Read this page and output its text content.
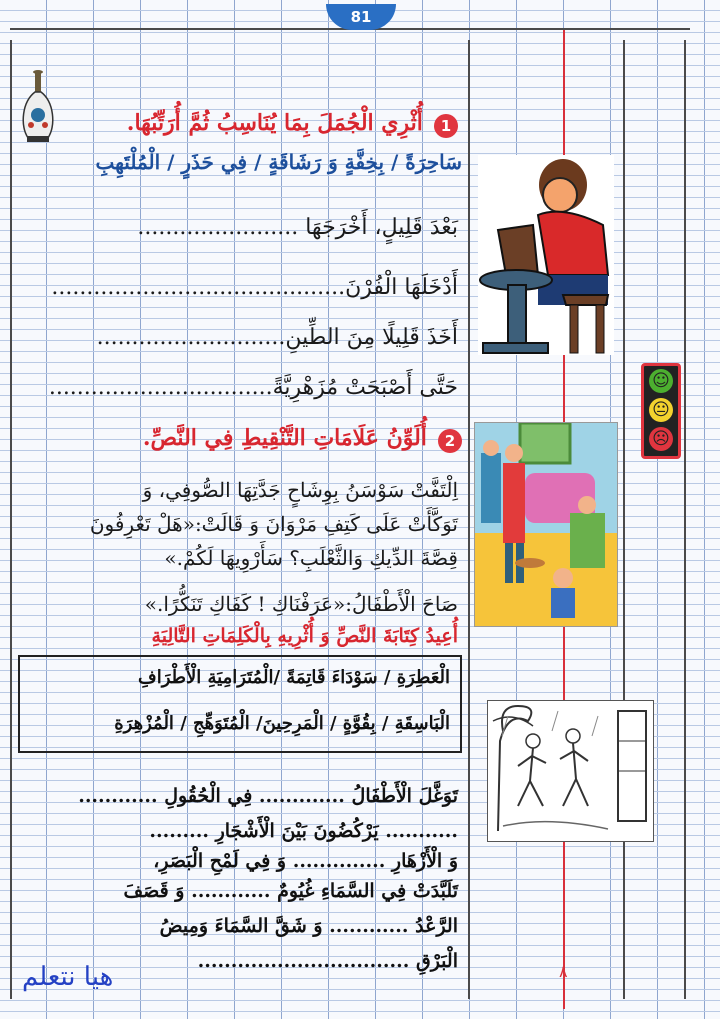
81
1 أُثْرِي الْجُمَلَ بِمَا يُنَاسِبُ ثُمَّ أُرَتِّبُهَا.
سَاحِرَةً / بِخِفَّةٍ وَ رَشَاقَةٍ / فِي حَذَرٍ / الْمُلْتَهِبِ
بَعْدَ قَلِيلٍ، أَخْرَجَهَا .......................
أَدْخَلَهَا الْفُرْنَ..........................................
أَخَذَ قَلِيلًا مِنَ الطِّينِ...........................
حَتَّى أَصْبَحَتْ مُزَهْرِيَّةً................................	☺
😐
☹
2 أُلَوِّنُ عَلَامَاتِ التَّنْقِيطِ فِي النَّصِّ.
اِلْتَفَّتْ سَوْسَنُ بِوِشَاحٍ جَدَّتِهَا الصُّوفِي، وَ
تَوَكَّأَتْ عَلَى كَتِفِ مَرْوَانَ وَ قَالَتْ:«هَلْ تَعْرِفُونَ
قِصَّةَ الدِّيكِ وَالثَّعْلَبِ؟ سَأَرْوِيهَا لَكُمْ.»
صَاحَ الْأَطْفَالُ:«عَرَفْنَاكِ ! كَفَاكِ تَنَكُّرًا.»
أُعِيدُ كِتَابَةَ النَّصِّ وَ أُثْرِيهِ بِالْكَلِمَاتِ التَّالِيَةِ
الْعَطِرَةِ / سَوْدَاءَ قَاتِمَةً /الْمُتَرَامِيَةِ الْأَطْرَافِ
الْبَاسِقَةِ / بِقُوَّةٍ / الْمَرِحِينَ/ الْمُتَوَهِّجِ / الْمُزْهِرَةِ
تَوَغَّلَ الْأَطْفَالُ ............. فِي الْحُقُولِ ............
........... يَرْكُضُونَ بَيْنَ الْأَشْجَارِ .........
وَ الْأَزْهَارِ .............. وَ فِي لَمْحِ الْبَصَرِ،
تَلَبَّدَتْ فِي السَّمَاءِ غُيُومٌ ............ وَ قَصَفَ
الرَّعْدُ ............ وَ شَقَّ السَّمَاءَ وَمِيضُ
الْبَرْقِ ................................
هيا نتعلم	٨
